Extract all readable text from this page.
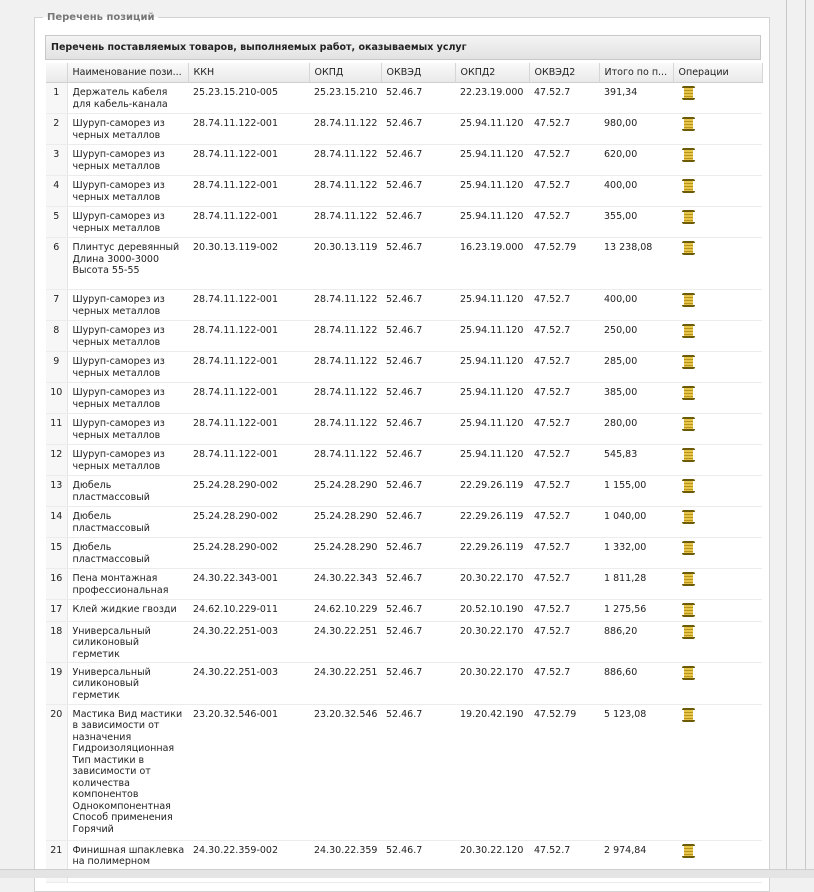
Перечень позиций
Перечень поставляемых товаров, выполняемых работ, оказываемых услуг
	Наименование пози...	ККН	ОКПД	ОКВЭД	ОКПД2	ОКВЭД2	Итого по п...	Операции
1	Держатель кабеля для кабель-канала	25.23.15.210-005	25.23.15.210	52.46.7	22.23.19.000	47.52.7	391,34	
2	Шуруп-саморез из черных металлов	28.74.11.122-001	28.74.11.122	52.46.7	25.94.11.120	47.52.7	980,00	
3	Шуруп-саморез из черных металлов	28.74.11.122-001	28.74.11.122	52.46.7	25.94.11.120	47.52.7	620,00	
4	Шуруп-саморез из черных металлов	28.74.11.122-001	28.74.11.122	52.46.7	25.94.11.120	47.52.7	400,00	
5	Шуруп-саморез из черных металлов	28.74.11.122-001	28.74.11.122	52.46.7	25.94.11.120	47.52.7	355,00	
6	Плинтус деревянный Длина 3000-3000 Высота 55-55	20.30.13.119-002	20.30.13.119	52.46.7	16.23.19.000	47.52.79	13 238,08	
7	Шуруп-саморез из черных металлов	28.74.11.122-001	28.74.11.122	52.46.7	25.94.11.120	47.52.7	400,00	
8	Шуруп-саморез из черных металлов	28.74.11.122-001	28.74.11.122	52.46.7	25.94.11.120	47.52.7	250,00	
9	Шуруп-саморез из черных металлов	28.74.11.122-001	28.74.11.122	52.46.7	25.94.11.120	47.52.7	285,00	
10	Шуруп-саморез из черных металлов	28.74.11.122-001	28.74.11.122	52.46.7	25.94.11.120	47.52.7	385,00	
11	Шуруп-саморез из черных металлов	28.74.11.122-001	28.74.11.122	52.46.7	25.94.11.120	47.52.7	280,00	
12	Шуруп-саморез из черных металлов	28.74.11.122-001	28.74.11.122	52.46.7	25.94.11.120	47.52.7	545,83	
13	Дюбель пластмассовый	25.24.28.290-002	25.24.28.290	52.46.7	22.29.26.119	47.52.7	1 155,00	
14	Дюбель пластмассовый	25.24.28.290-002	25.24.28.290	52.46.7	22.29.26.119	47.52.7	1 040,00	
15	Дюбель пластмассовый	25.24.28.290-002	25.24.28.290	52.46.7	22.29.26.119	47.52.7	1 332,00	
16	Пена монтажная профессиональная	24.30.22.343-001	24.30.22.343	52.46.7	20.30.22.170	47.52.7	1 811,28	
17	Клей жидкие гвозди	24.62.10.229-011	24.62.10.229	52.46.7	20.52.10.190	47.52.7	1 275,56	
18	Универсальный силиконовый герметик	24.30.22.251-003	24.30.22.251	52.46.7	20.30.22.170	47.52.7	886,20	
19	Универсальный силиконовый герметик	24.30.22.251-003	24.30.22.251	52.46.7	20.30.22.170	47.52.7	886,60	
20	Мастика Вид мастики в зависимости от назначения Гидроизоляционная Тип мастики в зависимости от количества компонентов Однокомпонентная Способ применения Горячий	23.20.32.546-001	23.20.32.546	52.46.7	19.20.42.190	47.52.79	5 123,08	
21	Финишная шпаклевка на полимерном	24.30.22.359-002	24.30.22.359	52.46.7	20.30.22.120	47.52.7	2 974,84	
